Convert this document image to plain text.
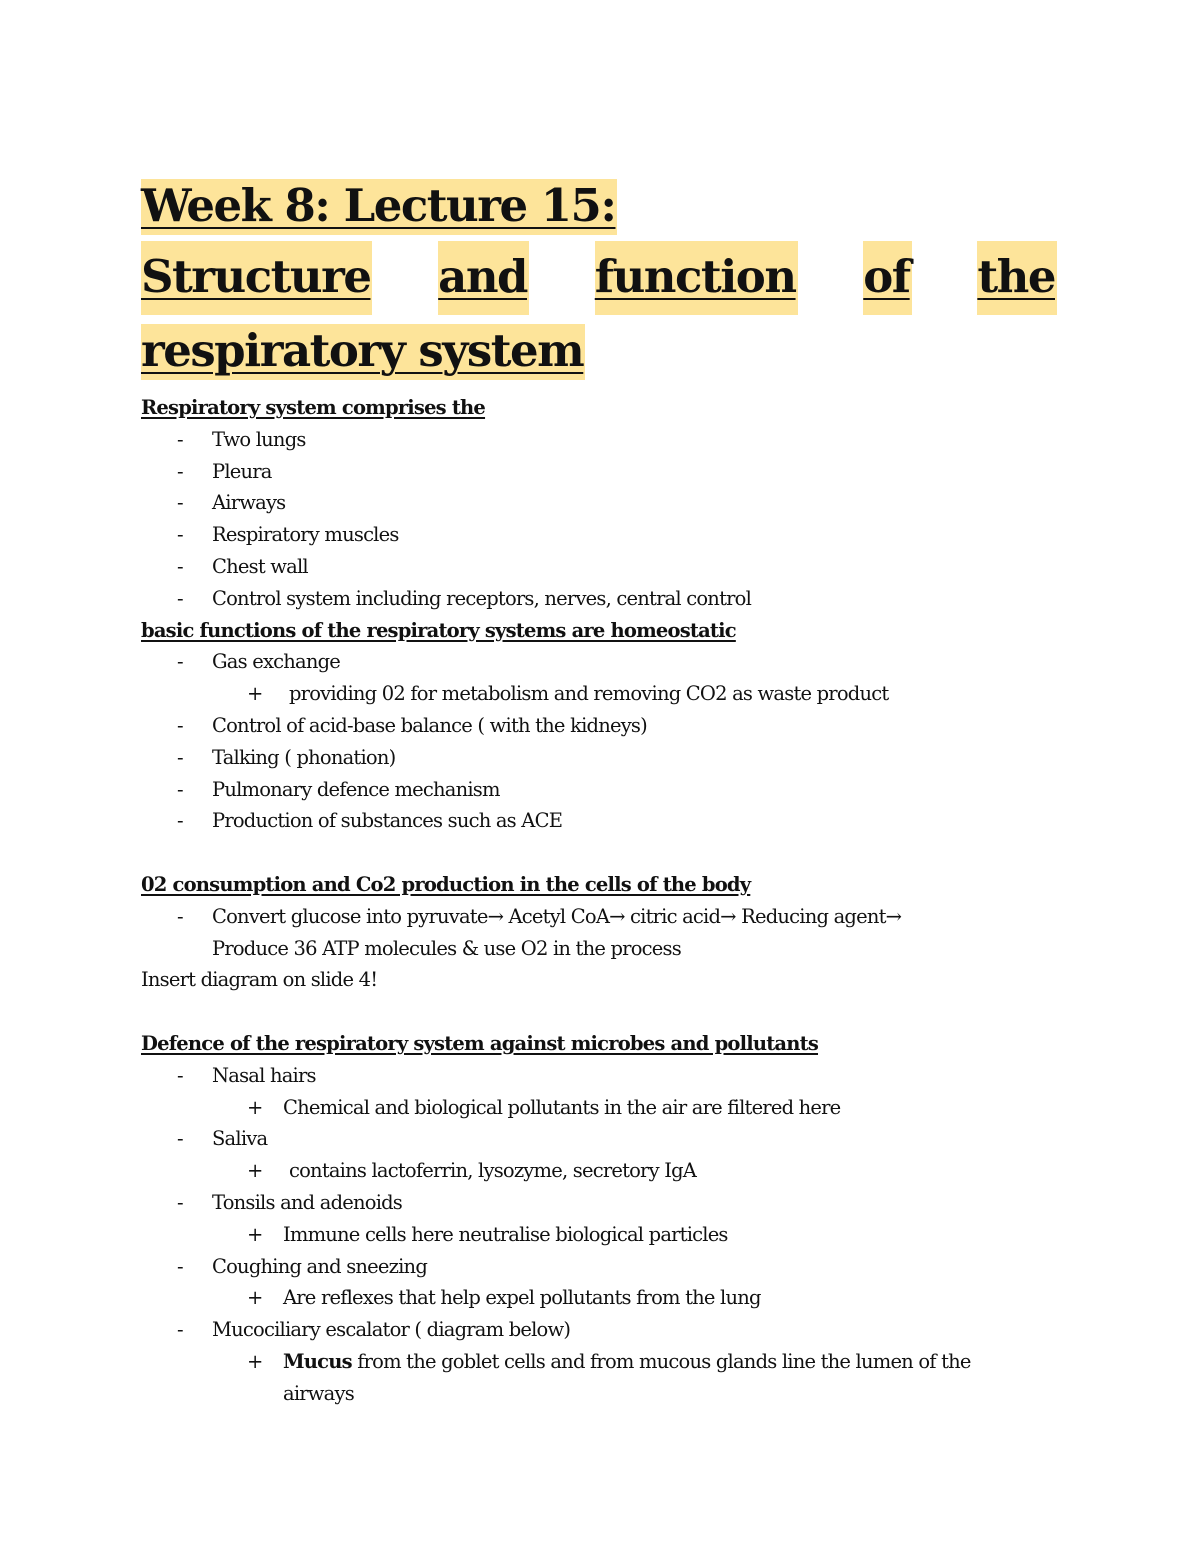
Week 8: Lecture 15:
Structure and function of the
respiratory system

Respiratory system comprises the

- Two lungs

- Pleura

- Airways

- Respiratory muscles

- Chest wall

- Control system including receptors, nerves, central control

basic functions of the respiratory systems are homeostatic

- Gas exchange

+ providing 02 for metabolism and removing CO2 as waste product

- Control of acid-base balance ( with the kidneys)

- Talking ( phonation)

- Pulmonary defence mechanism

- Production of substances such as ACE

02 consumption and Co2 production in the cells of the body

- Convert glucose into pyruvate→ Acetyl CoA→ citric acid→ Reducing agent→

Produce 36 ATP molecules & use O2 in the process

Insert diagram on slide 4!

Defence of the respiratory system against microbes and pollutants

- Nasal hairs

+ Chemical and biological pollutants in the air are filtered here

- Saliva

+ contains lactoferrin, lysozyme, secretory IgA

- Tonsils and adenoids

+ Immune cells here neutralise biological particles

- Coughing and sneezing

+ Are reflexes that help expel pollutants from the lung

- Mucociliary escalator ( diagram below)

+ Mucus from the goblet cells and from mucous glands line the lumen of the

airways
